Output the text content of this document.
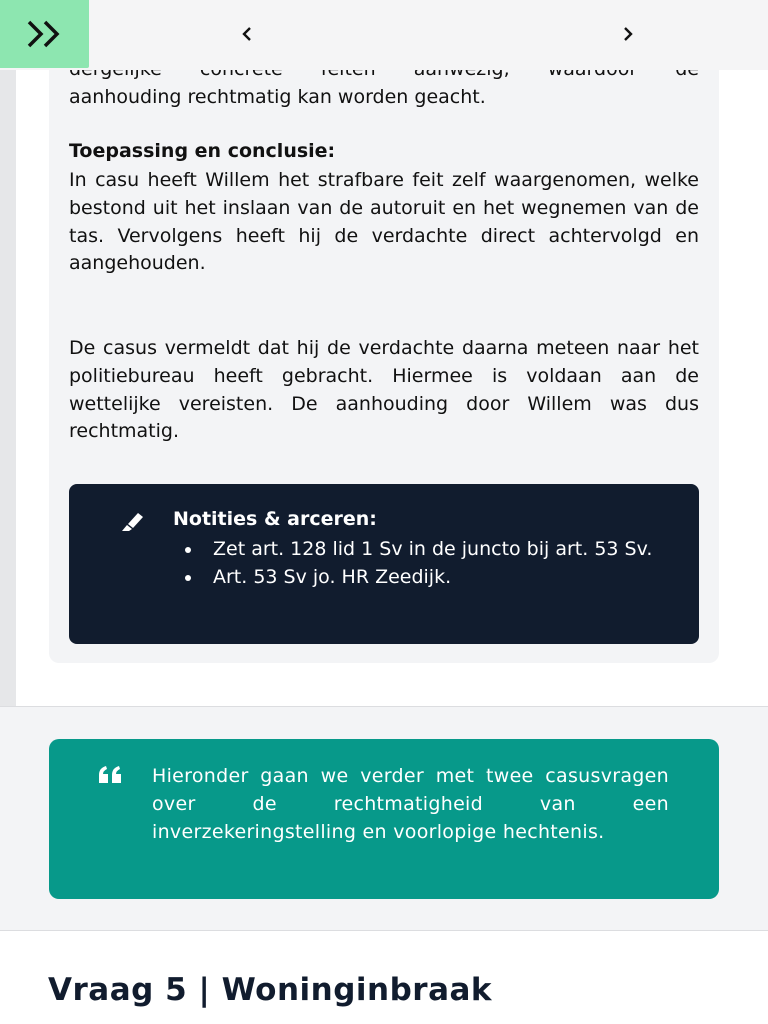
aanhouding rechtmatig kan worden geacht.
Toepassing en conclusie:
In casu heeft Willem het strafbare feit zelf waargenomen, welke bestond uit het inslaan van de autoruit en het wegnemen van de tas. Vervolgens heeft hij de verdachte direct achtervolgd en aangehouden.
De casus vermeldt dat hij de verdachte daarna meteen naar het politiebureau heeft gebracht. Hiermee is voldaan aan de wettelijke vereisten. De aanhouding door Willem was dus rechtmatig.
Notities & arceren:
Zet art. 128 lid 1 Sv in de juncto bij art. 53 Sv.
Art. 53 Sv jo. HR Zeedijk.
Hieronder gaan we verder met twee casusvragen over de rechtmatigheid van een inverzekeringstelling en voorlopige hechtenis.
Vraag 5 | Woninginbraak
